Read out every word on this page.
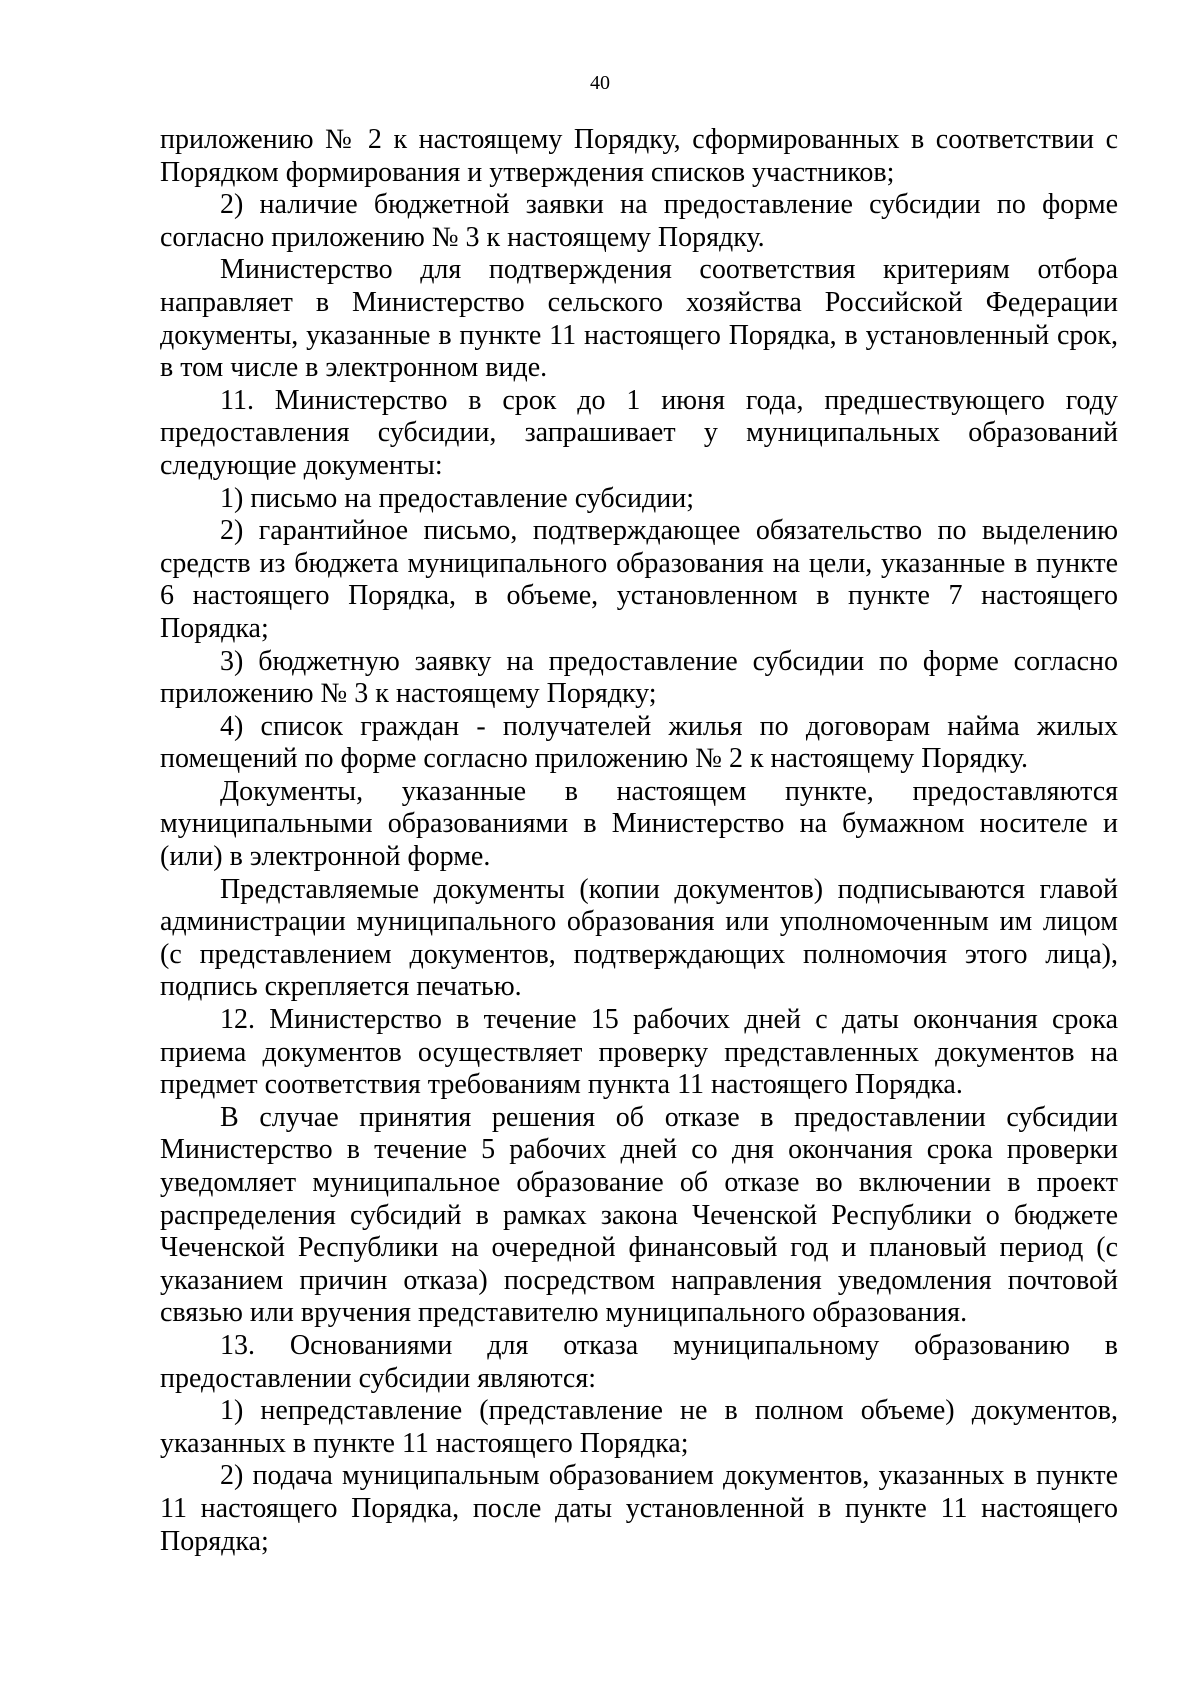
40

приложению № 2 к настоящему Порядку, сформированных в соответствии с Порядком формирования и утверждения списков участников;

2) наличие бюджетной заявки на предоставление субсидии по форме согласно приложению № 3 к настоящему Порядку.

Министерство для подтверждения соответствия критериям отбора направляет в Министерство сельского хозяйства Российской Федерации документы, указанные в пункте 11 настоящего Порядка, в установленный срок, в том числе в электронном виде.

11. Министерство в срок до 1 июня года, предшествующего году предоставления субсидии, запрашивает у муниципальных образований следующие документы:

1) письмо на предоставление субсидии;

2) гарантийное письмо, подтверждающее обязательство по выделению средств из бюджета муниципального образования на цели, указанные в пункте 6 настоящего Порядка, в объеме, установленном в пункте 7 настоящего Порядка;

3) бюджетную заявку на предоставление субсидии по форме согласно приложению № 3 к настоящему Порядку;

4) список граждан - получателей жилья по договорам найма жилых помещений по форме согласно приложению № 2 к настоящему Порядку.

Документы, указанные в настоящем пункте, предоставляются муниципальными образованиями в Министерство на бумажном носителе и (или) в электронной форме.

Представляемые документы (копии документов) подписываются главой администрации муниципального образования или уполномоченным им лицом (с представлением документов, подтверждающих полномочия этого лица), подпись скрепляется печатью.

12. Министерство в течение 15 рабочих дней с даты окончания срока приема документов осуществляет проверку представленных документов на предмет соответствия требованиям пункта 11 настоящего Порядка.

В случае принятия решения об отказе в предоставлении субсидии Министерство в течение 5 рабочих дней со дня окончания срока проверки уведомляет муниципальное образование об отказе во включении в проект распределения субсидий в рамках закона Чеченской Республики о бюджете Чеченской Республики на очередной финансовый год и плановый период (с указанием причин отказа) посредством направления уведомления почтовой связью или вручения представителю муниципального образования.

13. Основаниями для отказа муниципальному образованию в предоставлении субсидии являются:

1) непредставление (представление не в полном объеме) документов, указанных в пункте 11 настоящего Порядка;

2) подача муниципальным образованием документов, указанных в пункте 11 настоящего Порядка, после даты установленной в пункте 11 настоящего Порядка;
